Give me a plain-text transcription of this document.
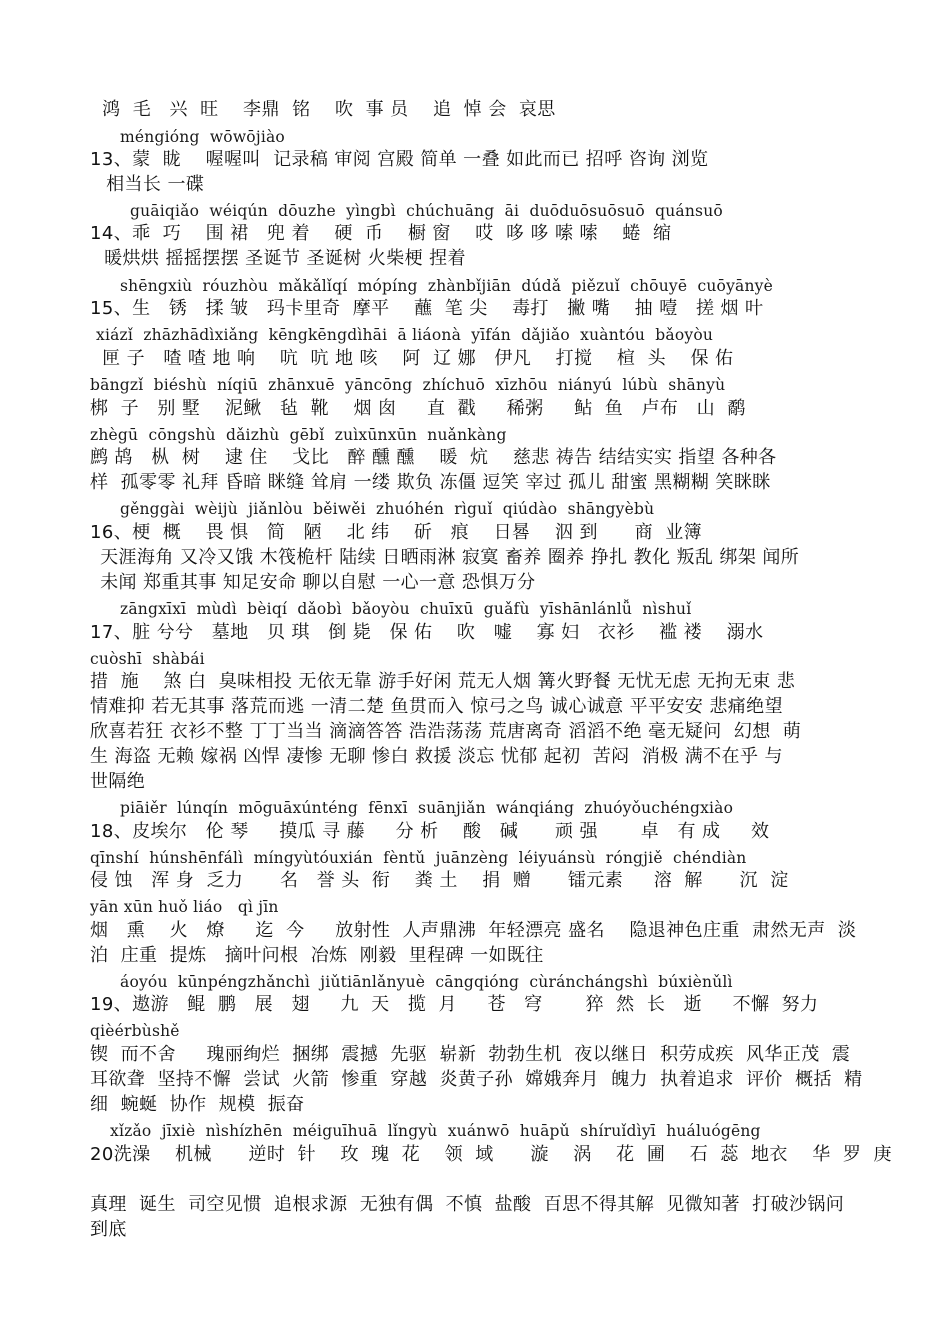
鸿  毛   兴  旺    李鼎  铭    吹  事 员    追  悼 会  哀思
méngióng  wōwōjiào
13、蒙  眬    喔喔叫  记录稿 审阅 宫殿 简单 一叠 如此而已 招呼 咨询 浏览
相当长 一碟
guāiqiǎo  wéiqún  dōuzhe  yìngbì  chúchuāng  āi  duōduōsuōsuō  quánsuō
14、乖  巧    围 裙   兜 着    硬  币    橱 窗    哎  哆 哆 嗦 嗦    蜷  缩
暖烘烘 摇摇摆摆 圣诞节 圣诞树 火柴梗 捏着
shēngxiù  róuzhòu  mǎkǎlǐqí  mópíng  zhànbǐjiān  dúdǎ  piězuǐ  chōuyē  cuōyānyè
15、生   锈   揉 皱   玛卡里奇  摩平    蘸  笔 尖    毒打   撇 嘴    抽 噎   搓 烟 叶
xiázǐ  zhāzhādìxiǎng  kēngkēngdìhāi  ā liáonà  yīfán  dǎjiǎo  xuàntóu  bǎoyòu
匣 子   喳 喳 地 响    吭  吭 地 咳    阿  辽 娜   伊凡    打搅    楦  头    保 佑
bāngzǐ  biéshù  níqiū  zhānxuē  yāncōng  zhíchuō  xīzhōu  niányú  lúbù  shānyù
梆  子   别 墅    泥鳅   毡  靴    烟 囱     直  戳     稀粥     鲇  鱼   卢布   山  鹬
zhègū  cōngshù  dǎizhù  gēbǐ  zuìxūnxūn  nuǎnkàng
鹧 鸪   枞  树    逮 住    戈比   醉 醺 醺    暖  炕    慈悲 祷告 结结实实 指望 各种各
样  孤零零 礼拜 昏暗 眯缝 耸肩 一缕 欺负 冻僵 逗笑 宰过 孤儿 甜蜜 黑糊糊 笑眯眯
gěnggài  wèijù  jiǎnlòu  běiwěi  zhuóhén  rìguǐ  qiúdào  shāngyèbù
16、梗  概    畏 惧   简   陋    北 纬    斫   痕    日晷    泅 到      商  业簿
天涯海角 又冷又饿 木筏桅杆 陆续 日晒雨淋 寂寞 畜养 圈养 挣扎 教化 叛乱 绑架 闻所
未闻 郑重其事 知足安命 聊以自慰 一心一意 恐惧万分
zāngxīxī  mùdì  bèiqí  dǎobì  bǎoyòu  chuīxū  guǎfù  yīshānlánlǚ  nìshuǐ
17、脏 兮兮   墓地   贝 琪   倒 毙   保 佑    吹   嘘    寡 妇   衣衫    褴 褛    溺水
cuòshī  shàbái
措  施    煞 白  臭味相投 无依无靠 游手好闲 荒无人烟 篝火野餐 无忧无虑 无拘无束 悲
情难抑 若无其事 落荒而逃 一清二楚 鱼贯而入 惊弓之鸟 诚心诚意 平平安安 悲痛绝望
欣喜若狂 衣衫不整 丁丁当当 滴滴答答 浩浩荡荡 荒唐离奇 滔滔不绝 毫无疑问  幻想  萌
生 海盗 无赖 嫁祸 凶悍 凄惨 无聊 惨白 救援 淡忘 忧郁 起初  苦闷  消极 满不在乎 与
世隔绝
piāiěr  lúnqín  mōguāxúnténg  fēnxī  suānjiǎn  wánqiáng  zhuóyǒuchéngxiào
18、皮埃尔   伦 琴     摸瓜 寻 藤     分 析    酸   碱      顽 强       卓   有 成     效
qīnshí  húnshēnfálì  míngyùtóuxián  fèntǔ  juānzèng  léiyuánsù  róngjiě  chéndiàn
侵 蚀   浑 身  乏力      名   誉 头  衔    粪 土    捐  赠      镭元素     溶  解      沉  淀
yān xūn huǒ liáo   qì jīn
烟   熏    火   燎     迄  今     放射性  人声鼎沸  年轻漂亮 盛名    隐退神色庄重  肃然无声  淡
泊  庄重  提炼   摘叶问根  冶炼  刚毅  里程碑 一如既往
áoyóu  kūnpéngzhǎnchì  jiǔtiānlǎnyuè  cāngqióng  cùránchángshì  búxiènǔlì
19、遨游   鲲  鹏   展   翅     九  天   揽  月     苍   穹       猝  然  长   逝     不懈  努力
qièérbùshě
锲  而不舍     瑰丽绚烂  捆绑  震撼  先驱  崭新  勃勃生机  夜以继日  积劳成疾  风华正茂  震
耳欲聋  坚持不懈  尝试  火箭  惨重  穿越  炎黄子孙  嫦娥奔月  魄力  执着追求  评价  概括  精
细  蜿蜒  协作  规模  振奋
xǐzǎo  jīxiè  nìshízhēn  méiguīhuā  lǐngyù  xuánwō  huāpǔ  shíruǐdìyī  huáluógēng
20洗澡    机械      逆时  针    玫  瑰  花    领  域      漩    涡    花  圃    石  蕊  地衣    华  罗  庚
真理  诞生  司空见惯  追根求源  无独有偶  不慎  盐酸  百思不得其解  见微知著  打破沙锅问
到底
